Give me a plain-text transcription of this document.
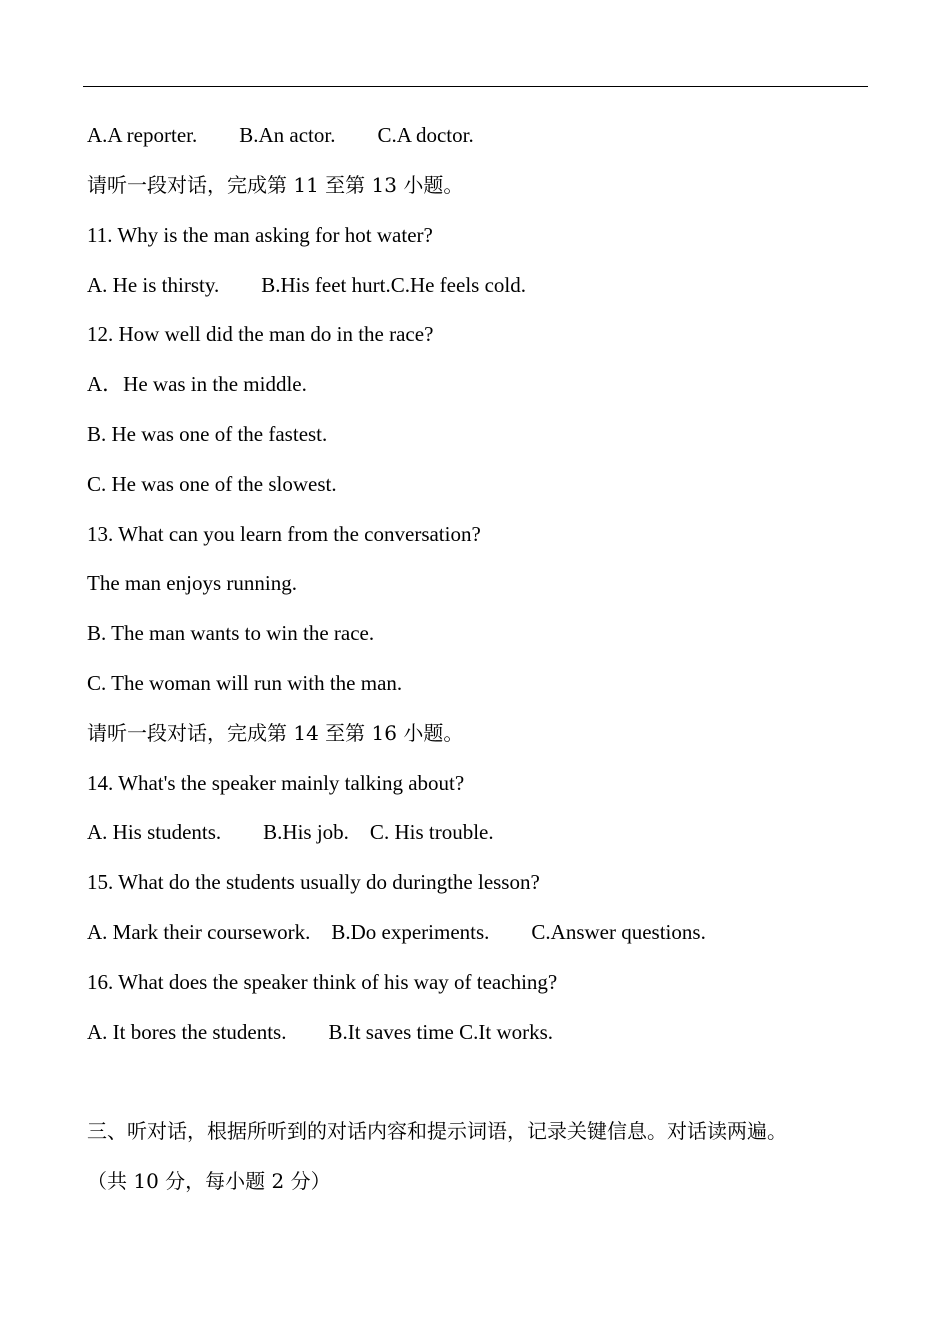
A.A reporter.        B.An actor.        C.A doctor.
请听一段对话，完成第 11 至第 13 小题。
11. Why is the man asking for hot water?
A. He is thirsty.        B.His feet hurt.C.He feels cold.
12. How well did the man do in the race?
A．He was in the middle.
B. He was one of the fastest.
C. He was one of the slowest.
13. What can you learn from the conversation?
The man enjoys running.
B. The man wants to win the race.
C. The woman will run with the man.
请听一段对话，完成第 14 至第 16 小题。
14. What's the speaker mainly talking about?
A. His students.        B.His job.    C. His trouble.
15. What do the students usually do duringthe lesson?
A. Mark their coursework.    B.Do experiments.        C.Answer questions.
16. What does the speaker think of his way of teaching?
A. It bores the students.        B.It saves time C.It works.
三、听对话，根据所听到的对话内容和提示词语，记录关键信息。对话读两遍。
（共 10 分，每小题 2 分）
